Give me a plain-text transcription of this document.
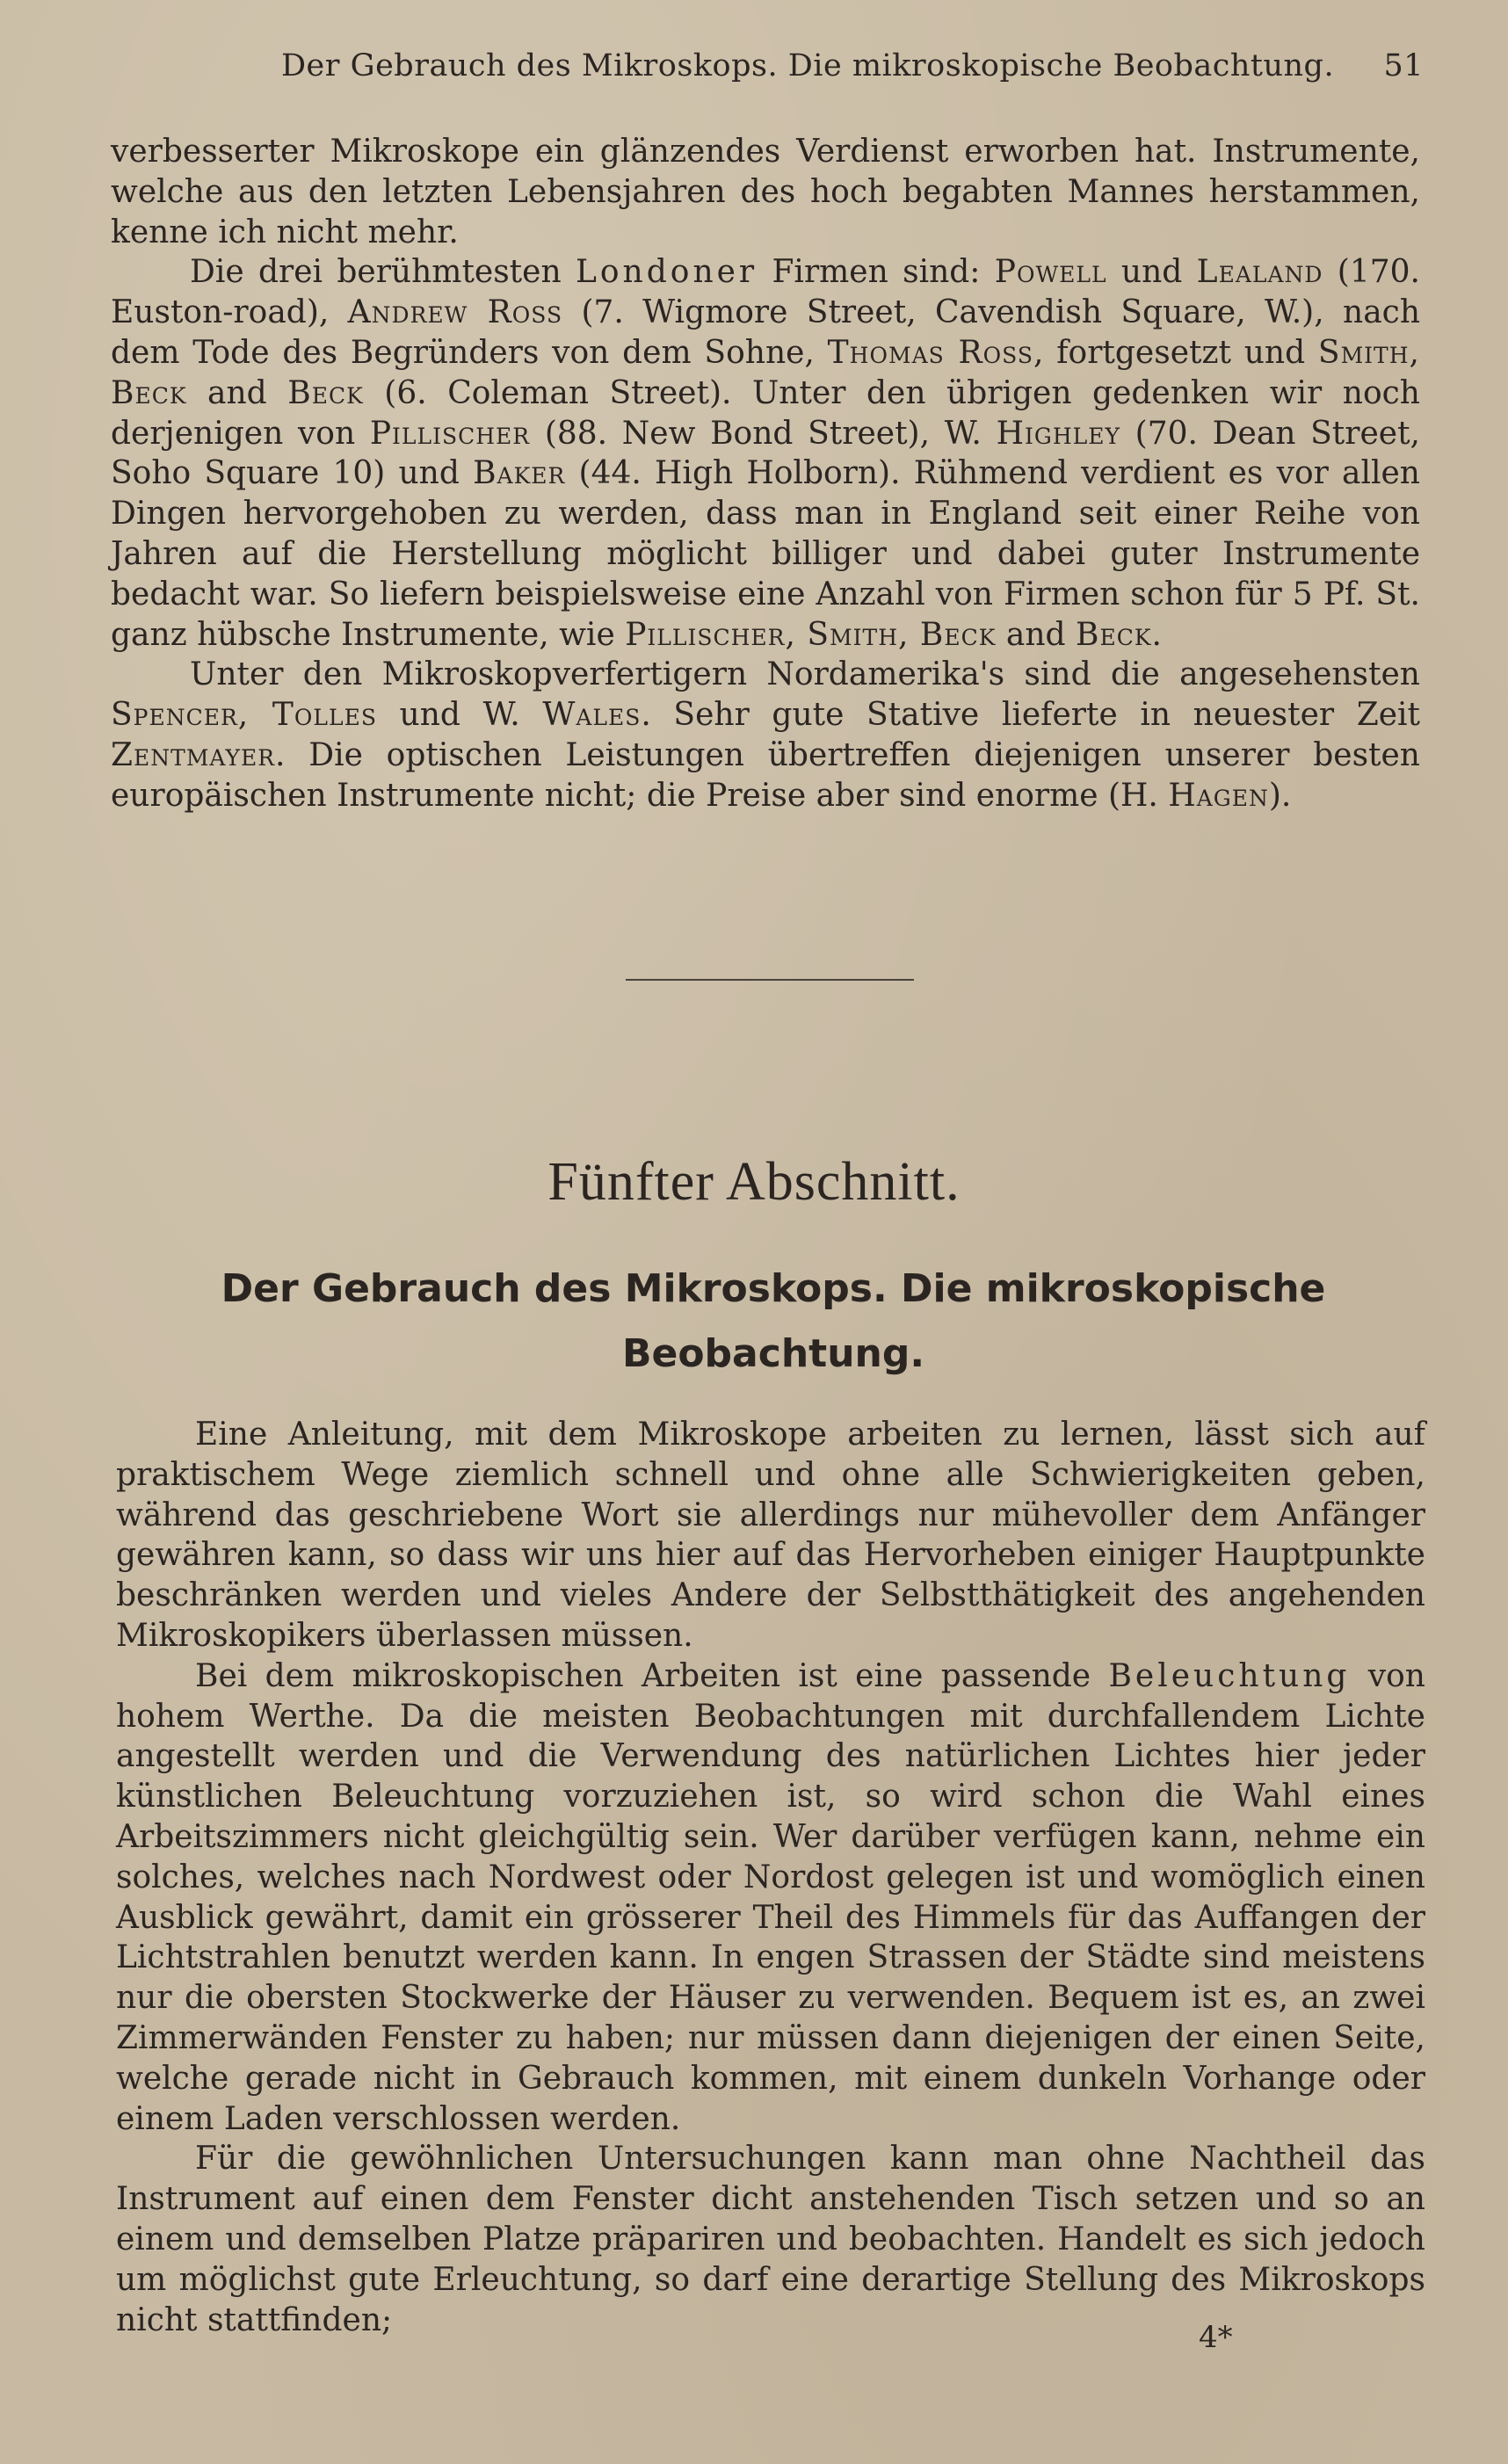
Der Gebrauch des Mikroskops. Die mikroskopische Beobachtung. 51

verbesserter Mikroskope ein glänzendes Verdienst erworben hat. Instrumente, welche aus den letzten Lebensjahren des hoch begabten Mannes herstammen, kenne ich nicht mehr.

Die drei berühmtesten Londoner Firmen sind: Powell und Lealand (170. Euston-road), Andrew Ross (7. Wigmore Street, Cavendish Square, W.), nach dem Tode des Begründers von dem Sohne, Thomas Ross, fortgesetzt und Smith, Beck and Beck (6. Coleman Street). Unter den übrigen gedenken wir noch derjenigen von Pillischer (88. New Bond Street), W. Highley (70. Dean Street, Soho Square 10) und Baker (44. High Holborn). Rühmend verdient es vor allen Dingen hervorgehoben zu werden, dass man in England seit einer Reihe von Jahren auf die Herstellung möglicht billiger und dabei guter Instrumente bedacht war. So liefern beispielsweise eine Anzahl von Firmen schon für 5 Pf. St. ganz hübsche Instrumente, wie Pillischer, Smith, Beck and Beck.

Unter den Mikroskopverfertigern Nordamerika's sind die angesehensten Spencer, Tolles und W. Wales. Sehr gute Stative lieferte in neuester Zeit Zentmayer. Die optischen Leistungen übertreffen diejenigen unserer besten europäischen Instrumente nicht; die Preise aber sind enorme (H. Hagen).

Fünfter Abschnitt.
Der Gebrauch des Mikroskops. Die mikroskopische
Beobachtung.

Eine Anleitung, mit dem Mikroskope arbeiten zu lernen, lässt sich auf praktischem Wege ziemlich schnell und ohne alle Schwierigkeiten geben, während das geschriebene Wort sie allerdings nur mühevoller dem Anfänger gewähren kann, so dass wir uns hier auf das Hervorheben einiger Hauptpunkte beschränken werden und vieles Andere der Selbstthätigkeit des angehenden Mikroskopikers überlassen müssen.

Bei dem mikroskopischen Arbeiten ist eine passende Beleuchtung von hohem Werthe. Da die meisten Beobachtungen mit durchfallendem Lichte angestellt werden und die Verwendung des natürlichen Lichtes hier jeder künstlichen Beleuchtung vorzuziehen ist, so wird schon die Wahl eines Arbeitszimmers nicht gleichgültig sein. Wer darüber verfügen kann, nehme ein solches, welches nach Nordwest oder Nordost gelegen ist und womöglich einen Ausblick gewährt, damit ein grösserer Theil des Himmels für das Auffangen der Lichtstrahlen benutzt werden kann. In engen Strassen der Städte sind meistens nur die obersten Stockwerke der Häuser zu verwenden. Bequem ist es, an zwei Zimmerwänden Fenster zu haben; nur müssen dann diejenigen der einen Seite, welche gerade nicht in Gebrauch kommen, mit einem dunkeln Vorhange oder einem Laden verschlossen werden.

Für die gewöhnlichen Untersuchungen kann man ohne Nachtheil das Instrument auf einen dem Fenster dicht anstehenden Tisch setzen und so an einem und demselben Platze präpariren und beobachten. Handelt es sich jedoch um möglichst gute Erleuchtung, so darf eine derartige Stellung des Mikroskops nicht stattfinden;	4*
